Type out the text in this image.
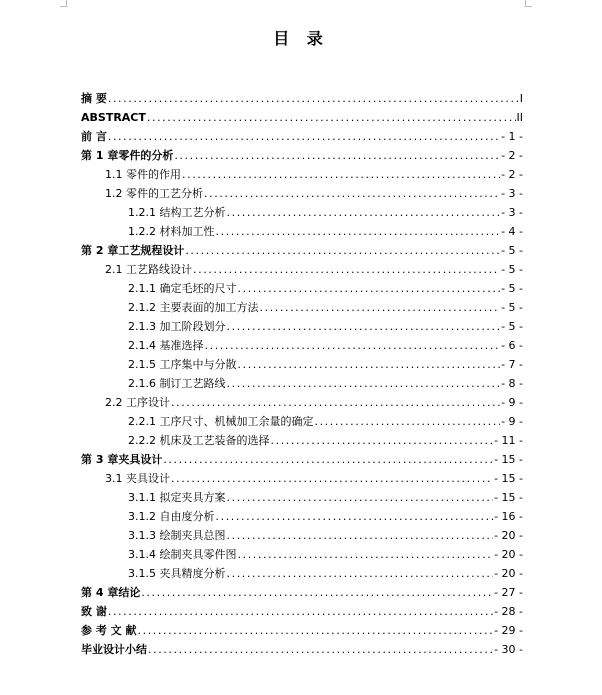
目 录
摘 要 .....	I
ABSTRACT .....	II
前 言 .....	- 1 -
第 1 章零件的分析 .....	- 2 -
1.1 零件的作用 .....	- 2 -
1.2 零件的工艺分析 .....	- 3 -
1.2.1 结构工艺分析 .....	- 3 -
1.2.2 材料加工性 .....	- 4 -
第 2 章工艺规程设计 .....	- 5 -
2.1 工艺路线设计 .....	- 5 -
2.1.1 确定毛坯的尺寸 .....	- 5 -
2.1.2 主要表面的加工方法 .....	- 5 -
2.1.3 加工阶段划分 .....	- 5 -
2.1.4 基准选择 .....	- 6 -
2.1.5 工序集中与分散 .....	- 7 -
2.1.6 制订工艺路线 .....	- 8 -
2.2 工序设计 .....	- 9 -
2.2.1 工序尺寸、机械加工余量的确定 .....	- 9 -
2.2.2 机床及工艺装备的选择 .....	- 11 -
第 3 章夹具设计 .....	- 15 -
3.1 夹具设计 .....	- 15 -
3.1.1 拟定夹具方案 .....	- 15 -
3.1.2 自由度分析 .....	- 16 -
3.1.3 绘制夹具总图 .....	- 20 -
3.1.4 绘制夹具零件图 .....	- 20 -
3.1.5 夹具精度分析 .....	- 20 -
第 4 章结论 .....	- 27 -
致 谢 .....	- 28 -
参 考 文 献 .....	- 29 -
毕业设计小结 .....	- 30 -
